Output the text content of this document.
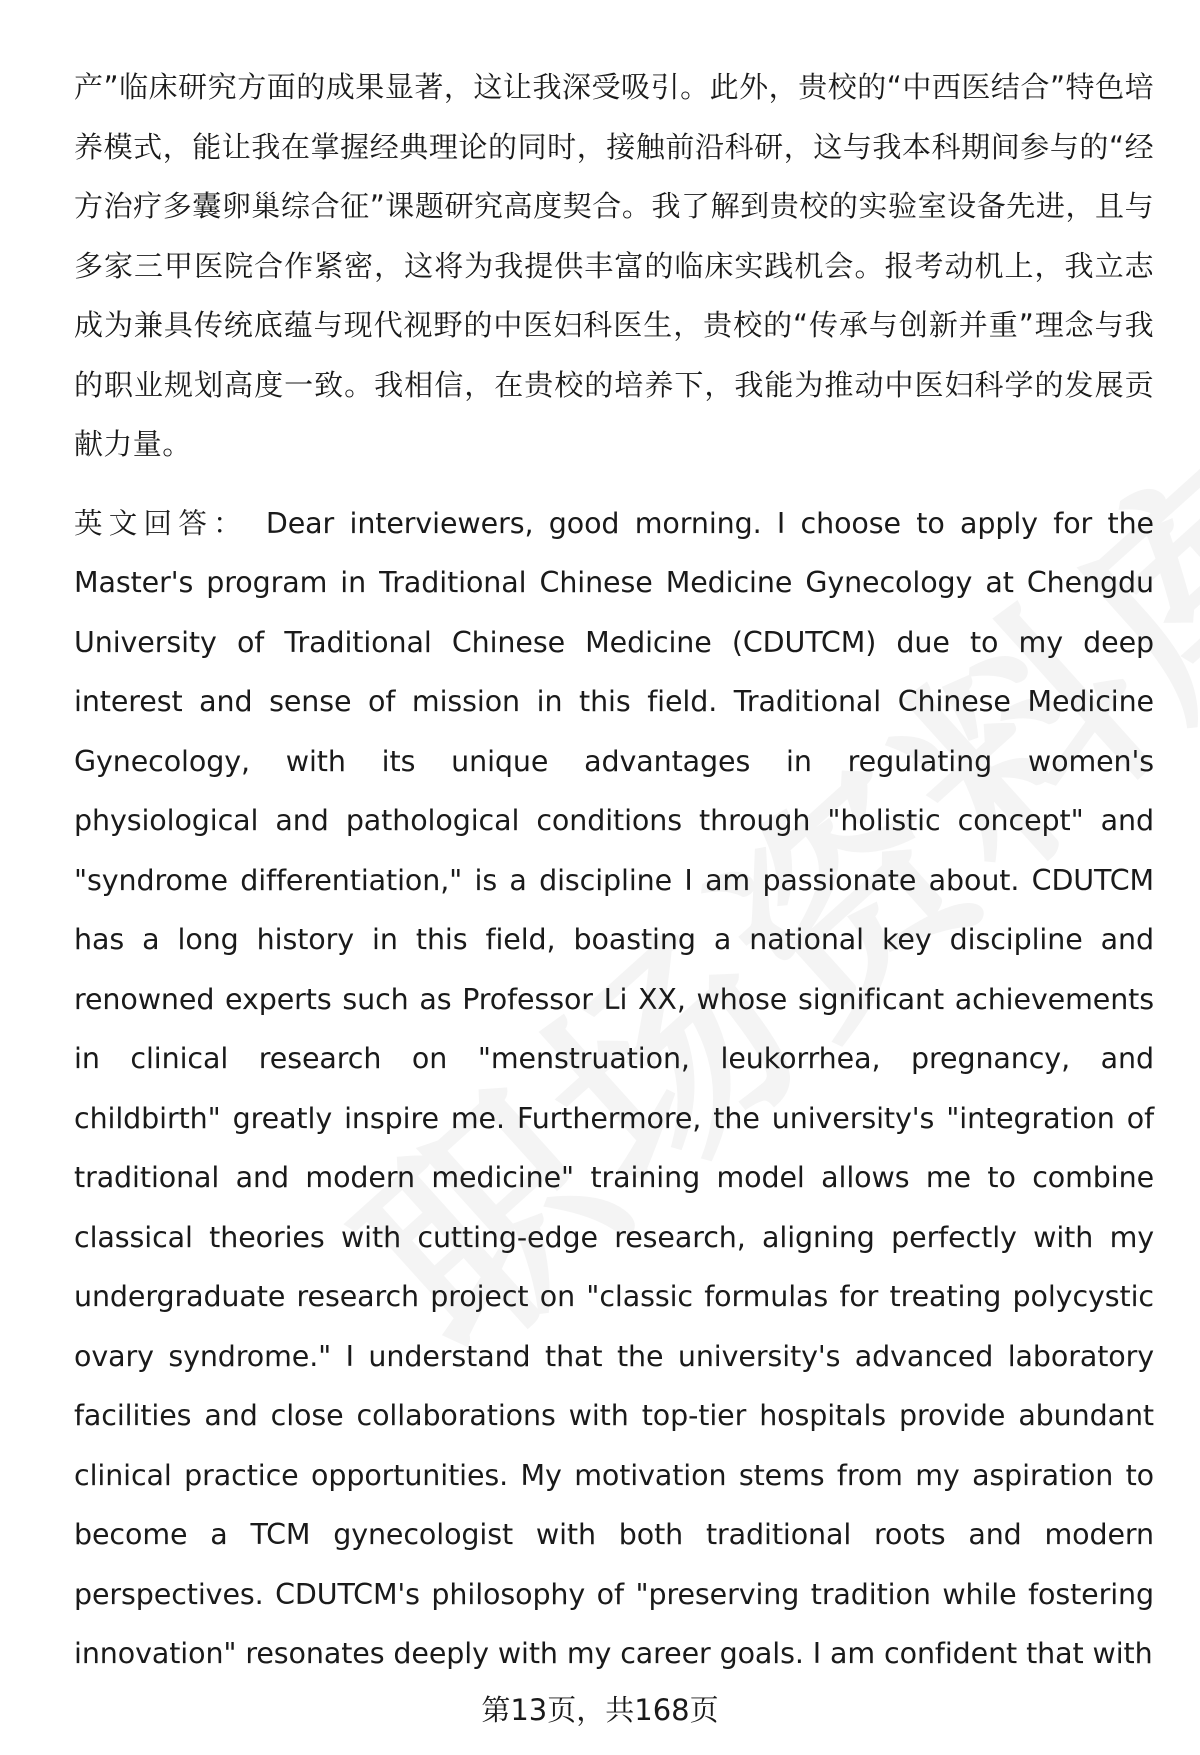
产”临床研究方面的成果显著，这让我深受吸引。此外，贵校的“中西医结合”特色培养模式，能让我在掌握经典理论的同时，接触前沿科研，这与我本科期间参与的“经方治疗多囊卵巢综合征”课题研究高度契合。我了解到贵校的实验室设备先进，且与多家三甲医院合作紧密，这将为我提供丰富的临床实践机会。报考动机上，我立志成为兼具传统底蕴与现代视野的中医妇科医生，贵校的“传承与创新并重”理念与我的职业规划高度一致。我相信，在贵校的培养下，我能为推动中医妇科学的发展贡献力量。

英文回答： Dear interviewers, good morning. I choose to apply for the Master's program in Traditional Chinese Medicine Gynecology at Chengdu University of Traditional Chinese Medicine (CDUTCM) due to my deep interest and sense of mission in this field. Traditional Chinese Medicine Gynecology, with its unique advantages in regulating women's physiological and pathological conditions through "holistic concept" and "syndrome differentiation," is a discipline I am passionate about. CDUTCM has a long history in this field, boasting a national key discipline and renowned experts such as Professor Li XX, whose significant achievements in clinical research on "menstruation, leukorrhea, pregnancy, and childbirth" greatly inspire me. Furthermore, the university's "integration of traditional and modern medicine" training model allows me to combine classical theories with cutting-edge research, aligning perfectly with my undergraduate research project on "classic formulas for treating polycystic ovary syndrome." I understand that the university's advanced laboratory facilities and close collaborations with top-tier hospitals provide abundant clinical practice opportunities. My motivation stems from my aspiration to become a TCM gynecologist with both traditional roots and modern perspectives. CDUTCM's philosophy of "preserving tradition while fostering innovation" resonates deeply with my career goals. I am confident that with

第13页，共168页
